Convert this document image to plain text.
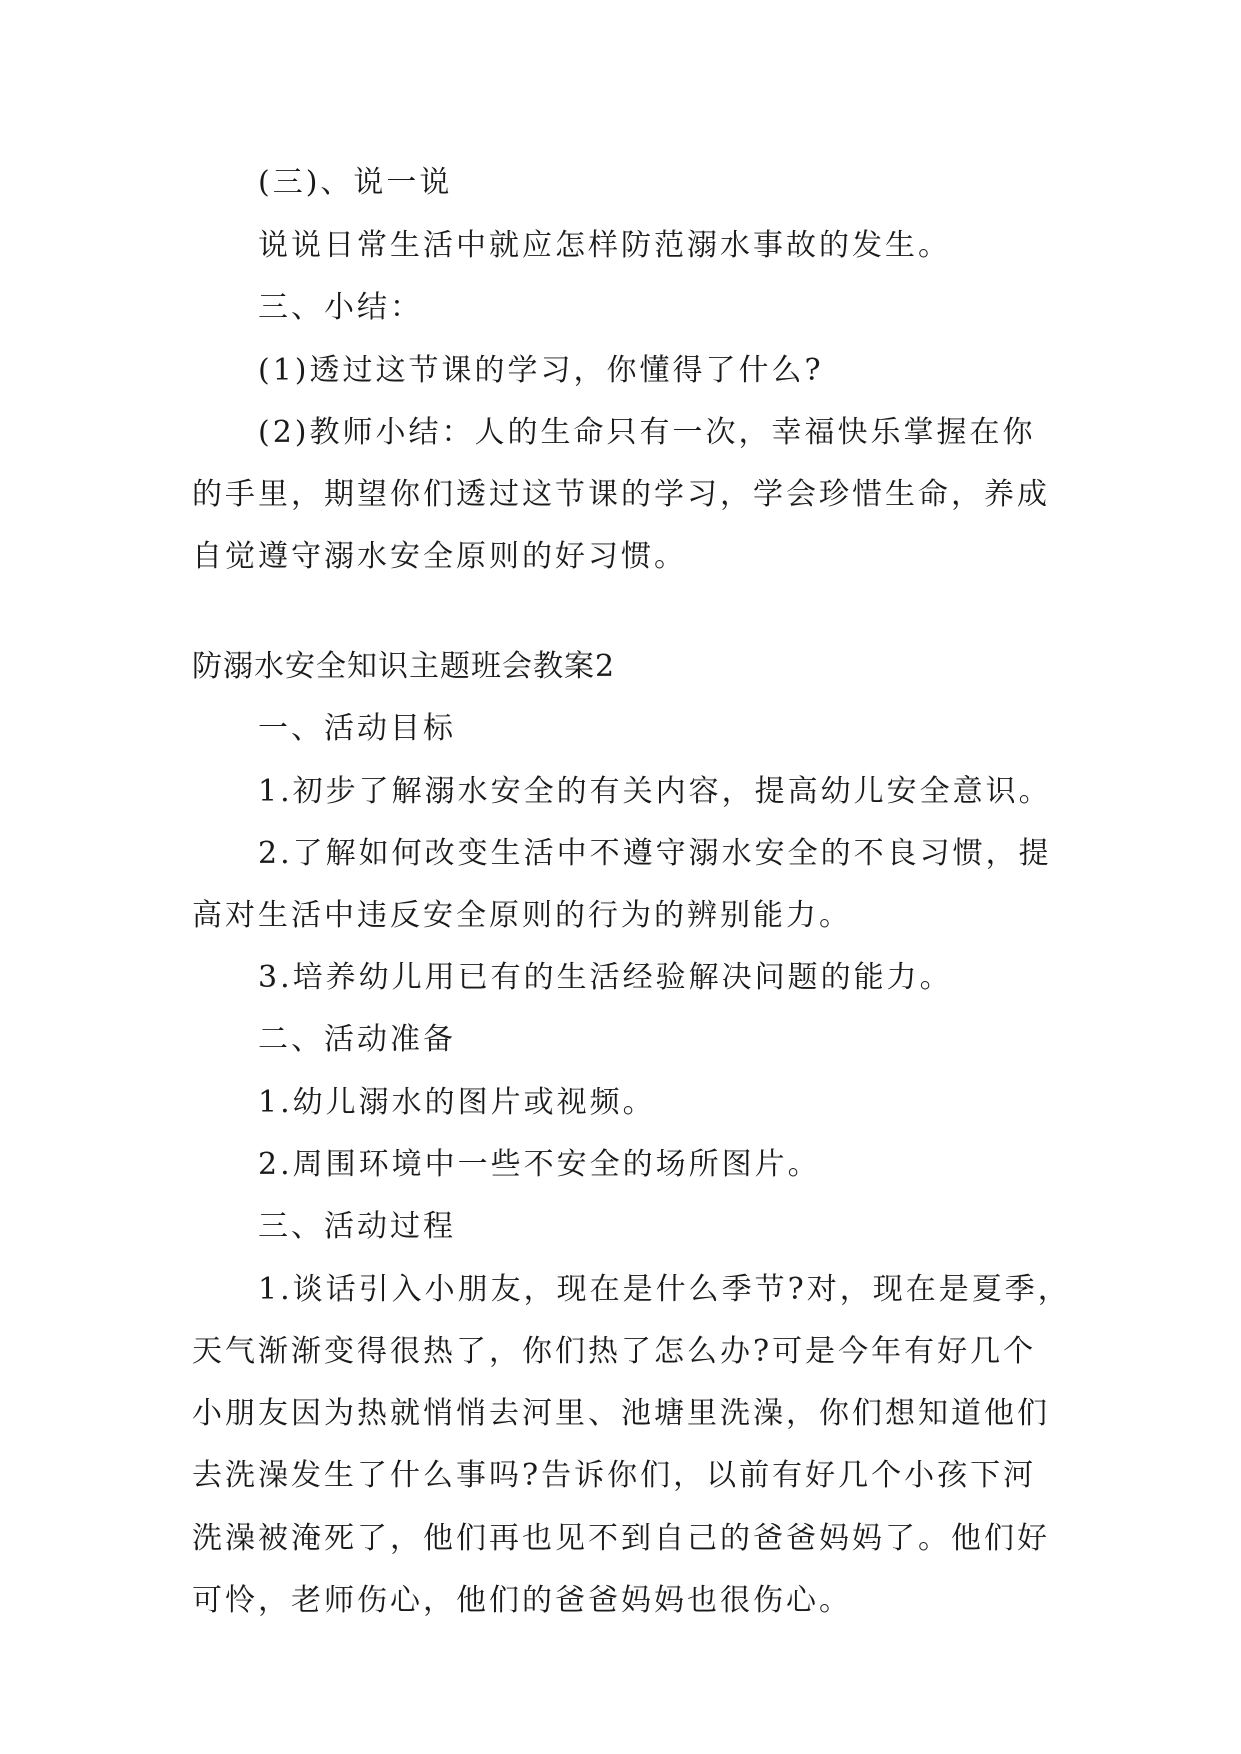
(三)、说一说
说说日常生活中就应怎样防范溺水事故的发生。
三、小结：
(1)透过这节课的学习，你懂得了什么?
(2)教师小结：人的生命只有一次，幸福快乐掌握在你
的手里，期望你们透过这节课的学习，学会珍惜生命，养成
自觉遵守溺水安全原则的好习惯。
防溺水安全知识主题班会教案2
一、活动目标
1.初步了解溺水安全的有关内容，提高幼儿安全意识。
2.了解如何改变生活中不遵守溺水安全的不良习惯，提
高对生活中违反安全原则的行为的辨别能力。
3.培养幼儿用已有的生活经验解决问题的能力。
二、活动准备
1.幼儿溺水的图片或视频。
2.周围环境中一些不安全的场所图片。
三、活动过程
1.谈话引入小朋友，现在是什么季节?对，现在是夏季，
天气渐渐变得很热了，你们热了怎么办?可是今年有好几个
小朋友因为热就悄悄去河里、池塘里洗澡，你们想知道他们
去洗澡发生了什么事吗?告诉你们，以前有好几个小孩下河
洗澡被淹死了，他们再也见不到自己的爸爸妈妈了。他们好
可怜，老师伤心，他们的爸爸妈妈也很伤心。
